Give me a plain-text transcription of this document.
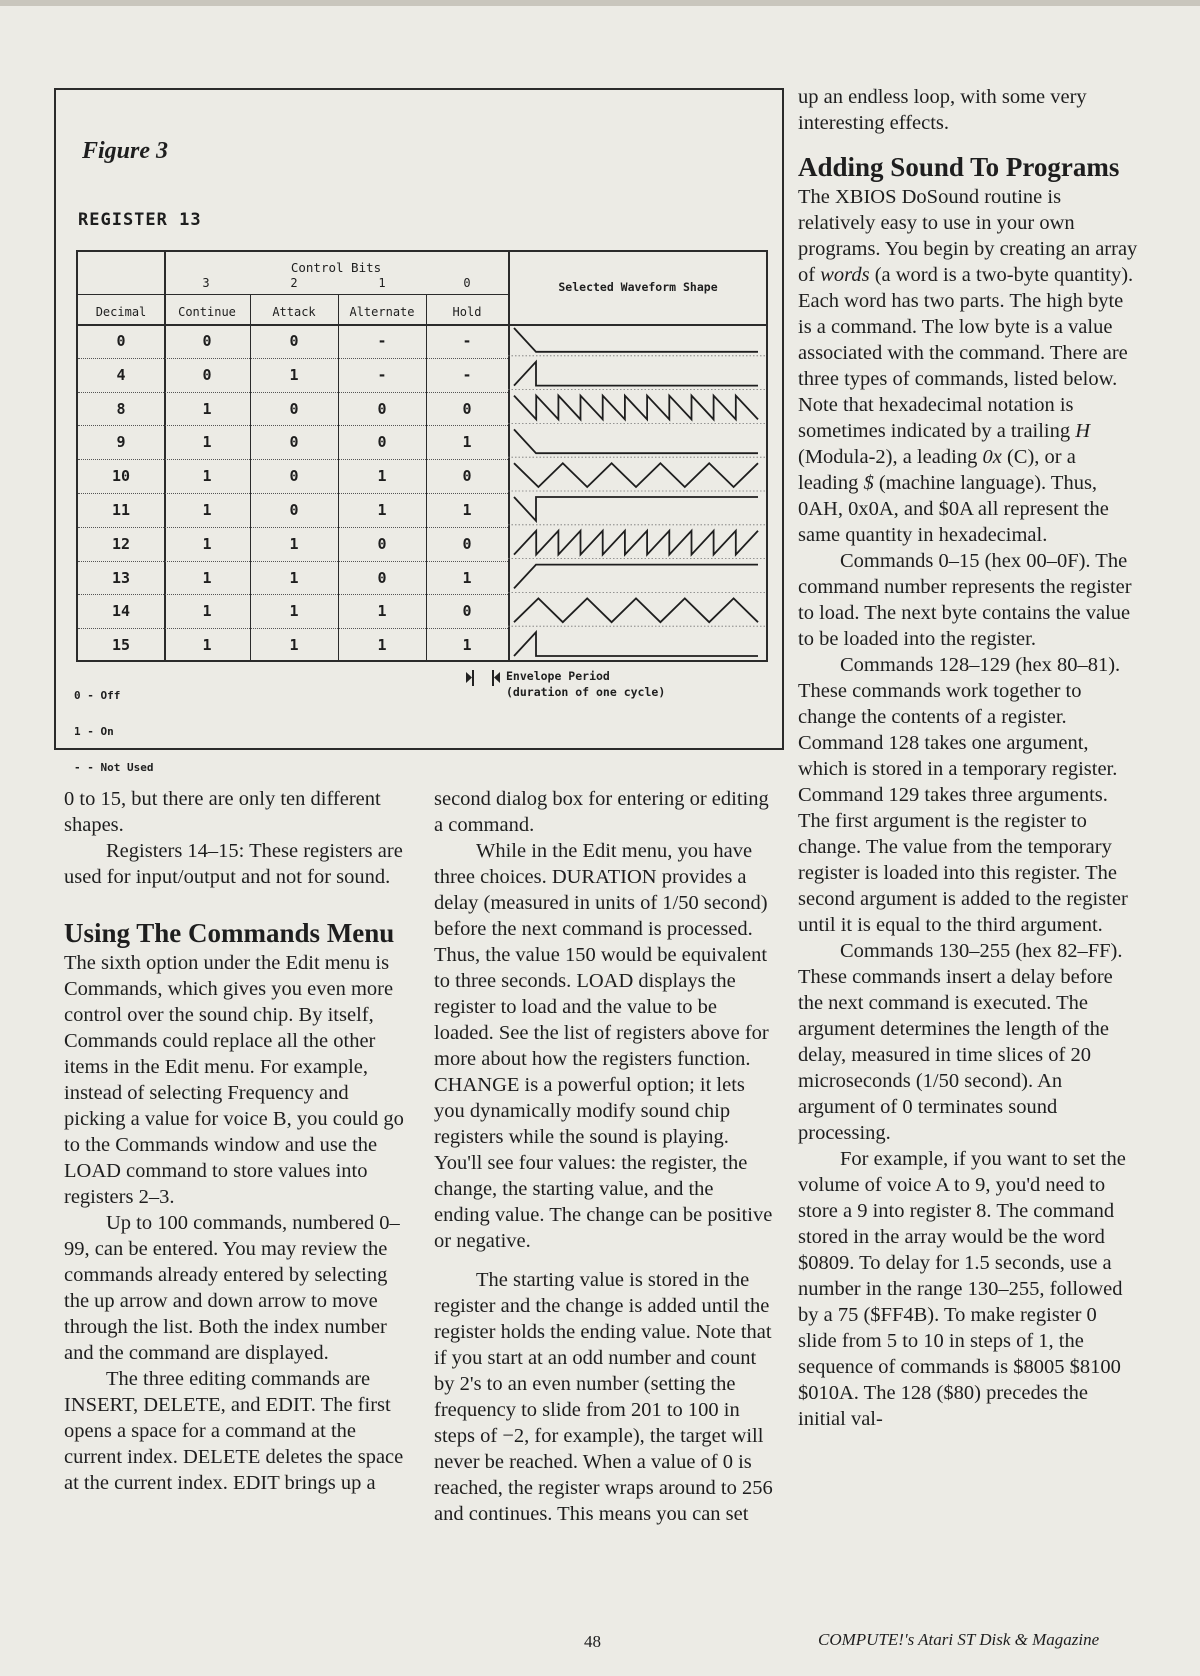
Figure 3
REGISTER 13
Control Bits
3	2	1	0	Selected Waveform Shape
Decimal	Continue	Attack	Alternate	Hold
0	0	0	-	-
4	0	1	-	-
8	1	0	0	0
9	1	0	0	1
10	1	0	1	0
11	1	0	1	1
12	1	1	0	0
13	1	1	0	1
14	1	1	1	0
15	1	1	1	1

0 - Off

1 - On

- - Not Used

Envelope Period
(duration of one cycle)

0 to 15, but there are only ten different shapes.

Registers 14–15: These registers are used for input/output and not for sound.

Using The Commands Menu

The sixth option under the Edit menu is Commands, which gives you even more control over the sound chip. By itself, Commands could replace all the other items in the Edit menu. For example, instead of selecting Frequency and picking a value for voice B, you could go to the Commands window and use the LOAD command to store values into registers 2–3.

Up to 100 commands, numbered 0–99, can be entered. You may review the commands already entered by selecting the up arrow and down arrow to move through the list. Both the index number and the command are displayed.

The three editing commands are INSERT, DELETE, and EDIT. The first opens a space for a command at the current index. DELETE deletes the space at the current index. EDIT brings up a

second dialog box for entering or editing a command.

While in the Edit menu, you have three choices. DURATION provides a delay (measured in units of 1/50 second) before the next command is processed. Thus, the value 150 would be equivalent to three seconds. LOAD displays the register to load and the value to be loaded. See the list of registers above for more about how the registers function. CHANGE is a powerful option; it lets you dynamically modify sound chip registers while the sound is playing. You'll see four values: the register, the change, the starting value, and the ending value. The change can be positive or negative.

The starting value is stored in the register and the change is added until the register holds the ending value. Note that if you start at an odd number and count by 2's to an even number (setting the frequency to slide from 201 to 100 in steps of −2, for example), the target will never be reached. When a value of 0 is reached, the register wraps around to 256 and continues. This means you can set

up an endless loop, with some very interesting effects.

Adding Sound To Programs

The XBIOS DoSound routine is relatively easy to use in your own programs. You begin by creating an array of words (a word is a two-byte quantity). Each word has two parts. The high byte is a command. The low byte is a value associated with the command. There are three types of commands, listed below. Note that hexadecimal notation is sometimes indicated by a trailing H (Modula-2), a leading 0x (C), or a leading $ (machine language). Thus, 0AH, 0x0A, and $0A all represent the same quantity in hexadecimal.

Commands 0–15 (hex 00–0F). The command number represents the register to load. The next byte contains the value to be loaded into the register.

Commands 128–129 (hex 80–81). These commands work together to change the contents of a register. Command 128 takes one argument, which is stored in a temporary register. Command 129 takes three arguments. The first argument is the register to change. The value from the temporary register is loaded into this register. The second argument is added to the register until it is equal to the third argument.

Commands 130–255 (hex 82–FF). These commands insert a delay before the next command is executed. The argument determines the length of the delay, measured in time slices of 20 microseconds (1/50 second). An argument of 0 terminates sound processing.

For example, if you want to set the volume of voice A to 9, you'd need to store a 9 into register 8. The command stored in the array would be the word $0809. To delay for 1.5 seconds, use a number in the range 130–255, followed by a 75 ($FF4B). To make register 0 slide from 5 to 10 in steps of 1, the sequence of commands is $8005 $8100 $010A. The 128 ($80) precedes the initial val-

48	COMPUTE!'s Atari ST Disk & Magazine
